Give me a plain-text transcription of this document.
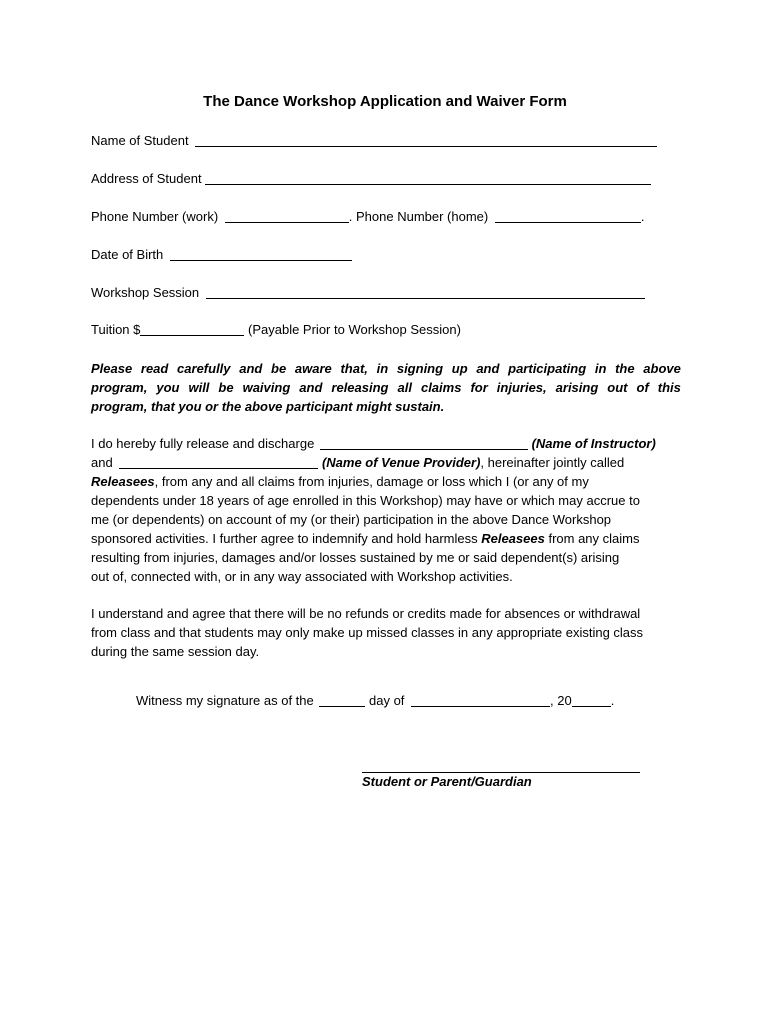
The Dance Workshop Application and Waiver Form
Name of Student
Address of Student
Phone Number (work)	. Phone Number (home)	.
Date of Birth
Workshop Session
Tuition $	(Payable Prior to Workshop Session)
Please read carefully and be aware that, in signing up and participating in the above
program, you will be waiving and releasing all claims for injuries, arising out of this
program, that you or the above participant might sustain.
I do hereby fully release and discharge	(Name of Instructor)
and	(Name of Venue Provider), hereinafter jointly called
Releasees, from any and all claims from injuries, damage or loss which I (or any of my
dependents under 18 years of age enrolled in this Workshop) may have or which may accrue to
me (or dependents) on account of my (or their) participation in the above Dance Workshop
sponsored activities. I further agree to indemnify and hold harmless Releasees from any claims
resulting from injuries, damages and/or losses sustained by me or said dependent(s) arising
out of, connected with, or in any way associated with Workshop activities.
I understand and agree that there will be no refunds or credits made for absences or withdrawal
from class and that students may only make up missed classes in any appropriate existing class
during the same session day.
Witness my signature as of the	day of	, 20	.
Student or Parent/Guardian
